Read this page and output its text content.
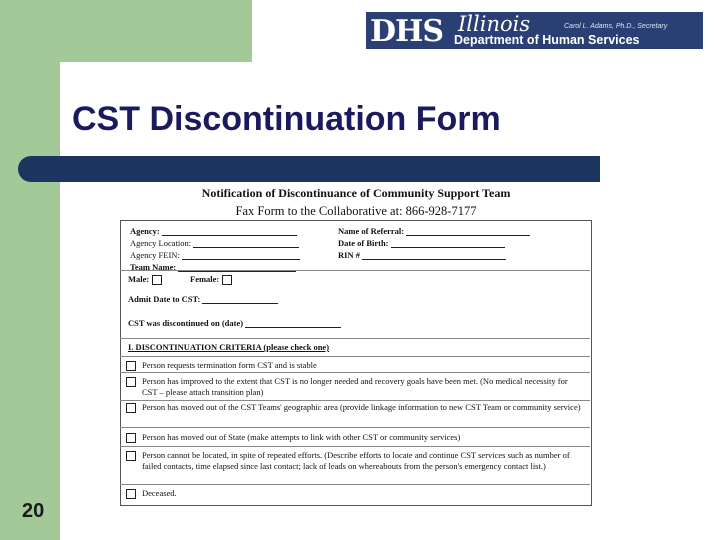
DHS Illinois	Carol L. Adams, Ph.D., Secretary
Department of Human Services
CST Discontinuation Form
Notification of Discontinuance of Community Support Team
Fax Form to the Collaborative at: 866-928-7177
Agency:
Agency Location:
Agency FEIN:
Team Name:
Name of Referral:
Date of Birth:
RIN #
Male:	Female:
Admit Date to CST:
CST was discontinued on (date)
I. DISCONTINUATION CRITERIA (please check one)
Person requests termination form CST and is stable
Person has improved to the extent that CST is no longer needed and recovery goals have been met. (No medical necessity for CST – please attach transition plan)
Person has moved out of the CST Teams' geographic area (provide linkage information to new CST Team or community service)
Person has moved out of State (make attempts to link with other CST or community services)
Person cannot be located, in spite of repeated efforts. (Describe efforts to locate and continue CST services such as number of failed contacts, time elapsed since last contact; lack of leads on whereabouts from the person's emergency contact list.)
Deceased.
20
